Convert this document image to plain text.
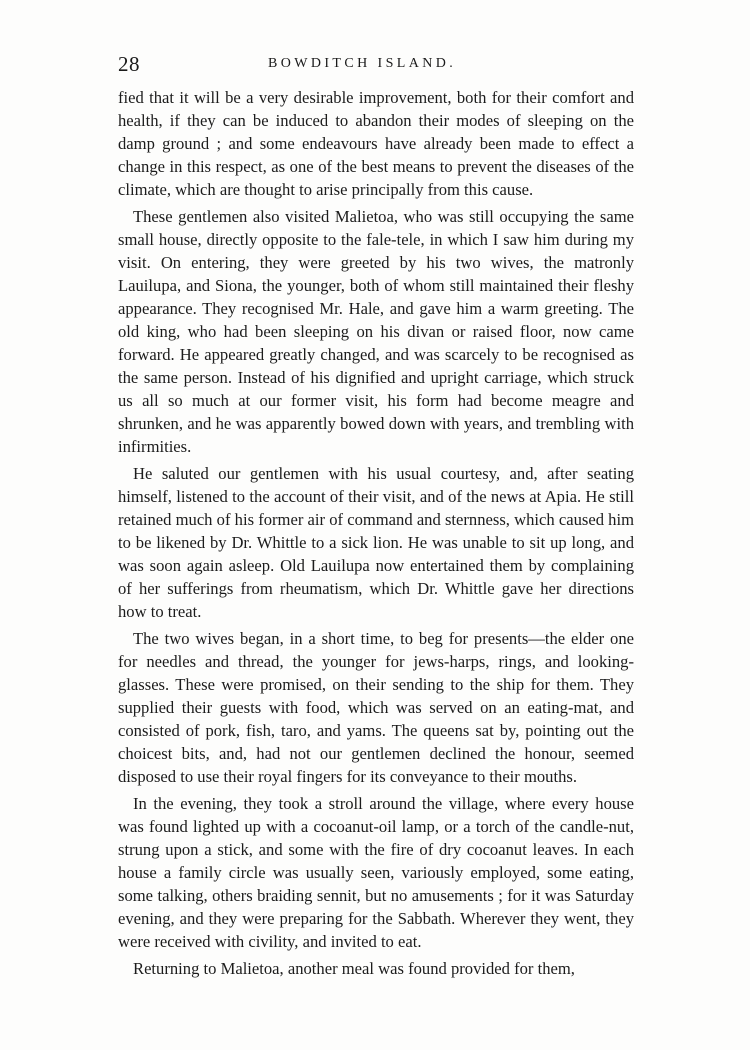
28	BOWDITCH ISLAND.

fied that it will be a very desirable improvement, both for their comfort and health, if they can be induced to abandon their modes of sleeping on the damp ground ; and some endeavours have already been made to effect a change in this respect, as one of the best means to prevent the diseases of the climate, which are thought to arise principally from this cause.

These gentlemen also visited Malietoa, who was still occupying the same small house, directly opposite to the fale-tele, in which I saw him during my visit. On entering, they were greeted by his two wives, the matronly Lauilupa, and Siona, the younger, both of whom still maintained their fleshy appearance. They recognised Mr. Hale, and gave him a warm greeting. The old king, who had been sleeping on his divan or raised floor, now came forward. He appeared greatly changed, and was scarcely to be recognised as the same person. Instead of his dignified and upright carriage, which struck us all so much at our former visit, his form had become meagre and shrunken, and he was apparently bowed down with years, and trembling with infirmities.

He saluted our gentlemen with his usual courtesy, and, after seating himself, listened to the account of their visit, and of the news at Apia. He still retained much of his former air of command and sternness, which caused him to be likened by Dr. Whittle to a sick lion. He was unable to sit up long, and was soon again asleep. Old Lauilupa now entertained them by complaining of her sufferings from rheumatism, which Dr. Whittle gave her directions how to treat.

The two wives began, in a short time, to beg for presents—the elder one for needles and thread, the younger for jews-harps, rings, and looking-glasses. These were promised, on their sending to the ship for them. They supplied their guests with food, which was served on an eating-mat, and consisted of pork, fish, taro, and yams. The queens sat by, pointing out the choicest bits, and, had not our gentlemen declined the honour, seemed disposed to use their royal fingers for its conveyance to their mouths.

In the evening, they took a stroll around the village, where every house was found lighted up with a cocoanut-oil lamp, or a torch of the candle-nut, strung upon a stick, and some with the fire of dry cocoanut leaves. In each house a family circle was usually seen, variously employed, some eating, some talking, others braiding sennit, but no amusements ; for it was Saturday evening, and they were preparing for the Sabbath. Wherever they went, they were received with civility, and invited to eat.

Returning to Malietoa, another meal was found provided for them,
